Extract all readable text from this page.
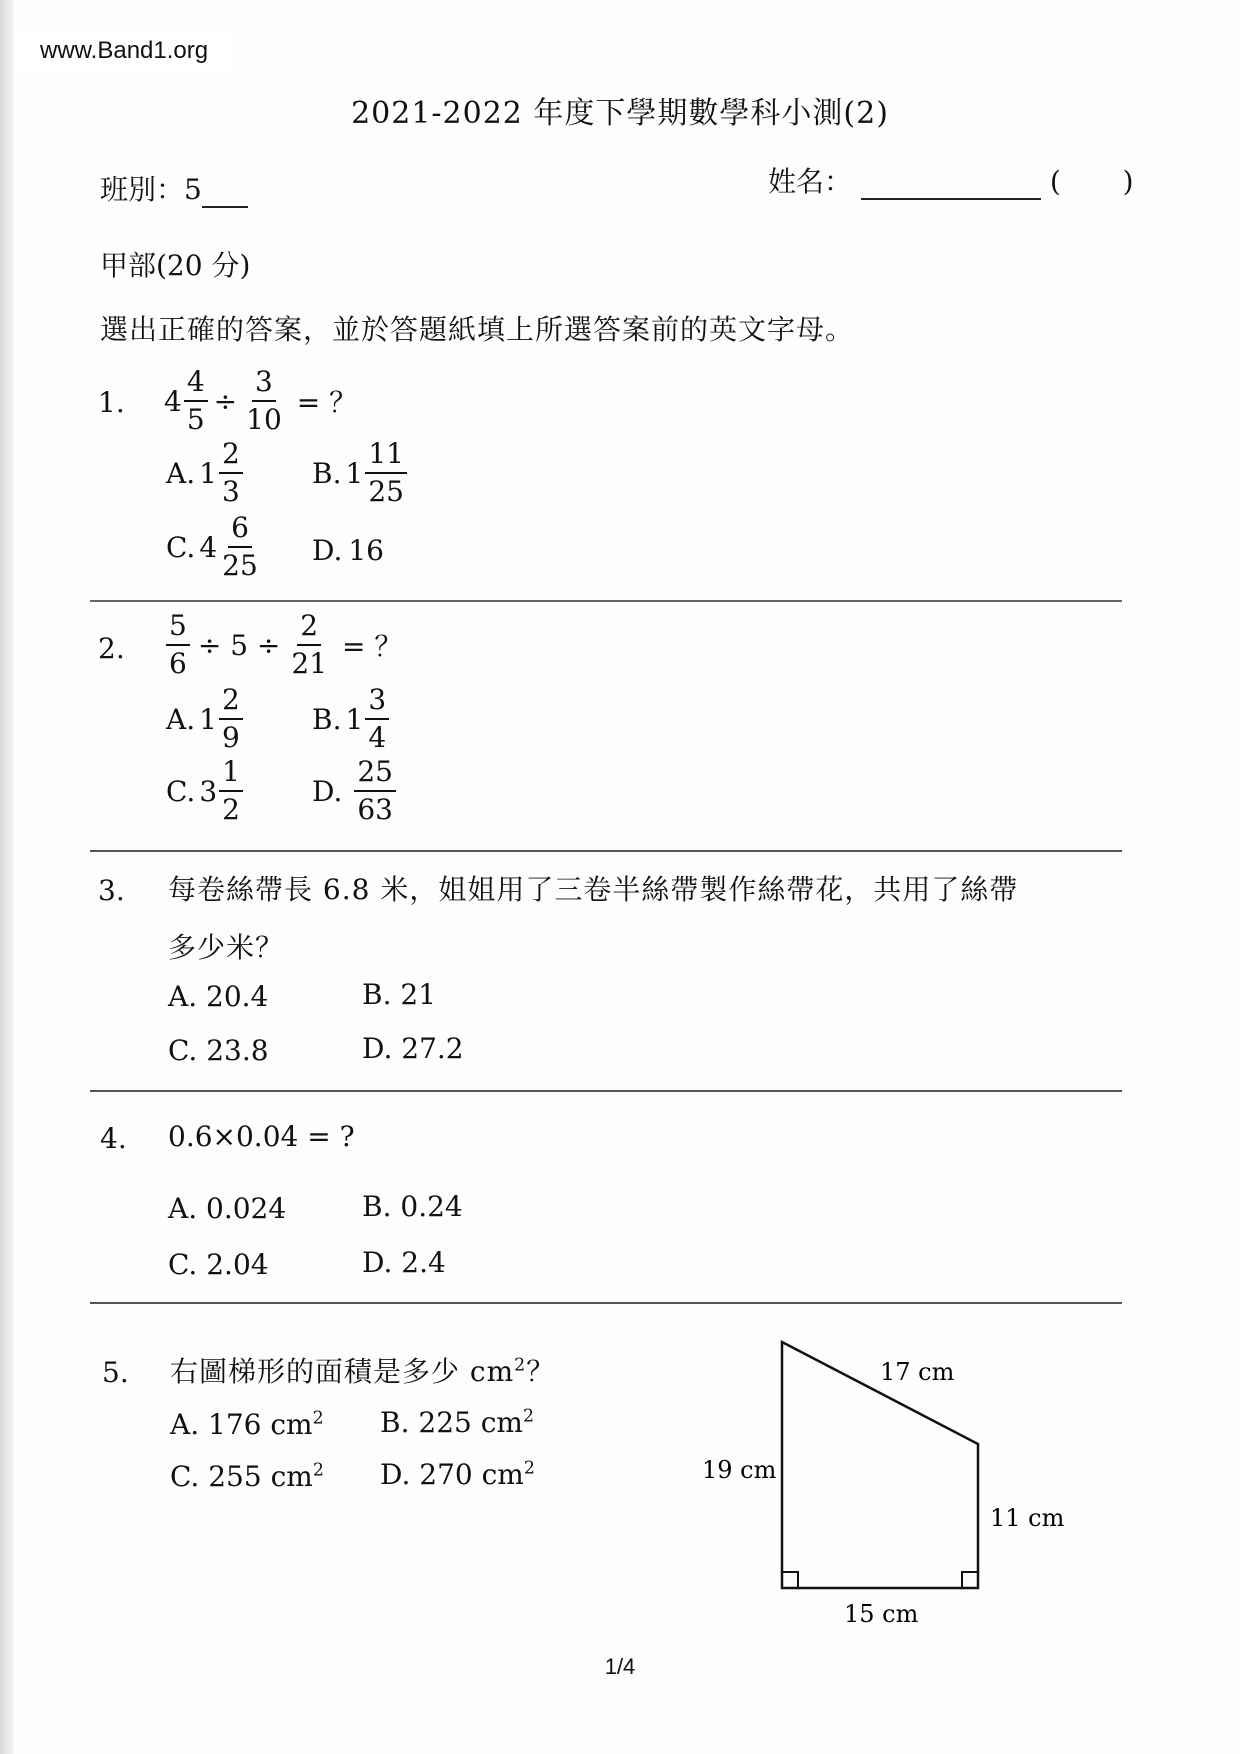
www.Band1.org
2021-2022 年度下學期數學科小測(2)
班別：5	姓名：	( )
甲部(20 分)
選出正確的答案，並於答題紙填上所選答案前的英文字母。
1. $4 \frac{4}{5} \div \frac{3}{10}$ = ？
A. $1 \frac{2}{3} B$. $1 \frac{11}{25}$
C. $4 \frac{6}{25} D$. 16
2. $\frac{5}{6} \div 5 \div \frac{2}{21}$ = ？
A. $1 \frac{2}{9} B$. $1 \frac{3}{4}$
C. $3 \frac{1}{2} D$. $\frac{25}{63}$
3. 每卷絲帶長 6.8 米，姐姐用了三卷半絲帶製作絲帶花，共用了絲帶
多少米？
A. 20.4	B. 21
C. 23.8	D. 27.2
4. 0.6×0.04 = ?
A. 0.024	B. 0.24
C. 2.04	D. 2.4
5. 右圖梯形的面積是多少 $cm^2$？
A. 176 $cm^2$ B. 225 $cm^2$
C. 255 $cm^2$ D. 270 $cm^2$
17 cm
19 cm
11 cm
15 cm
1/4
